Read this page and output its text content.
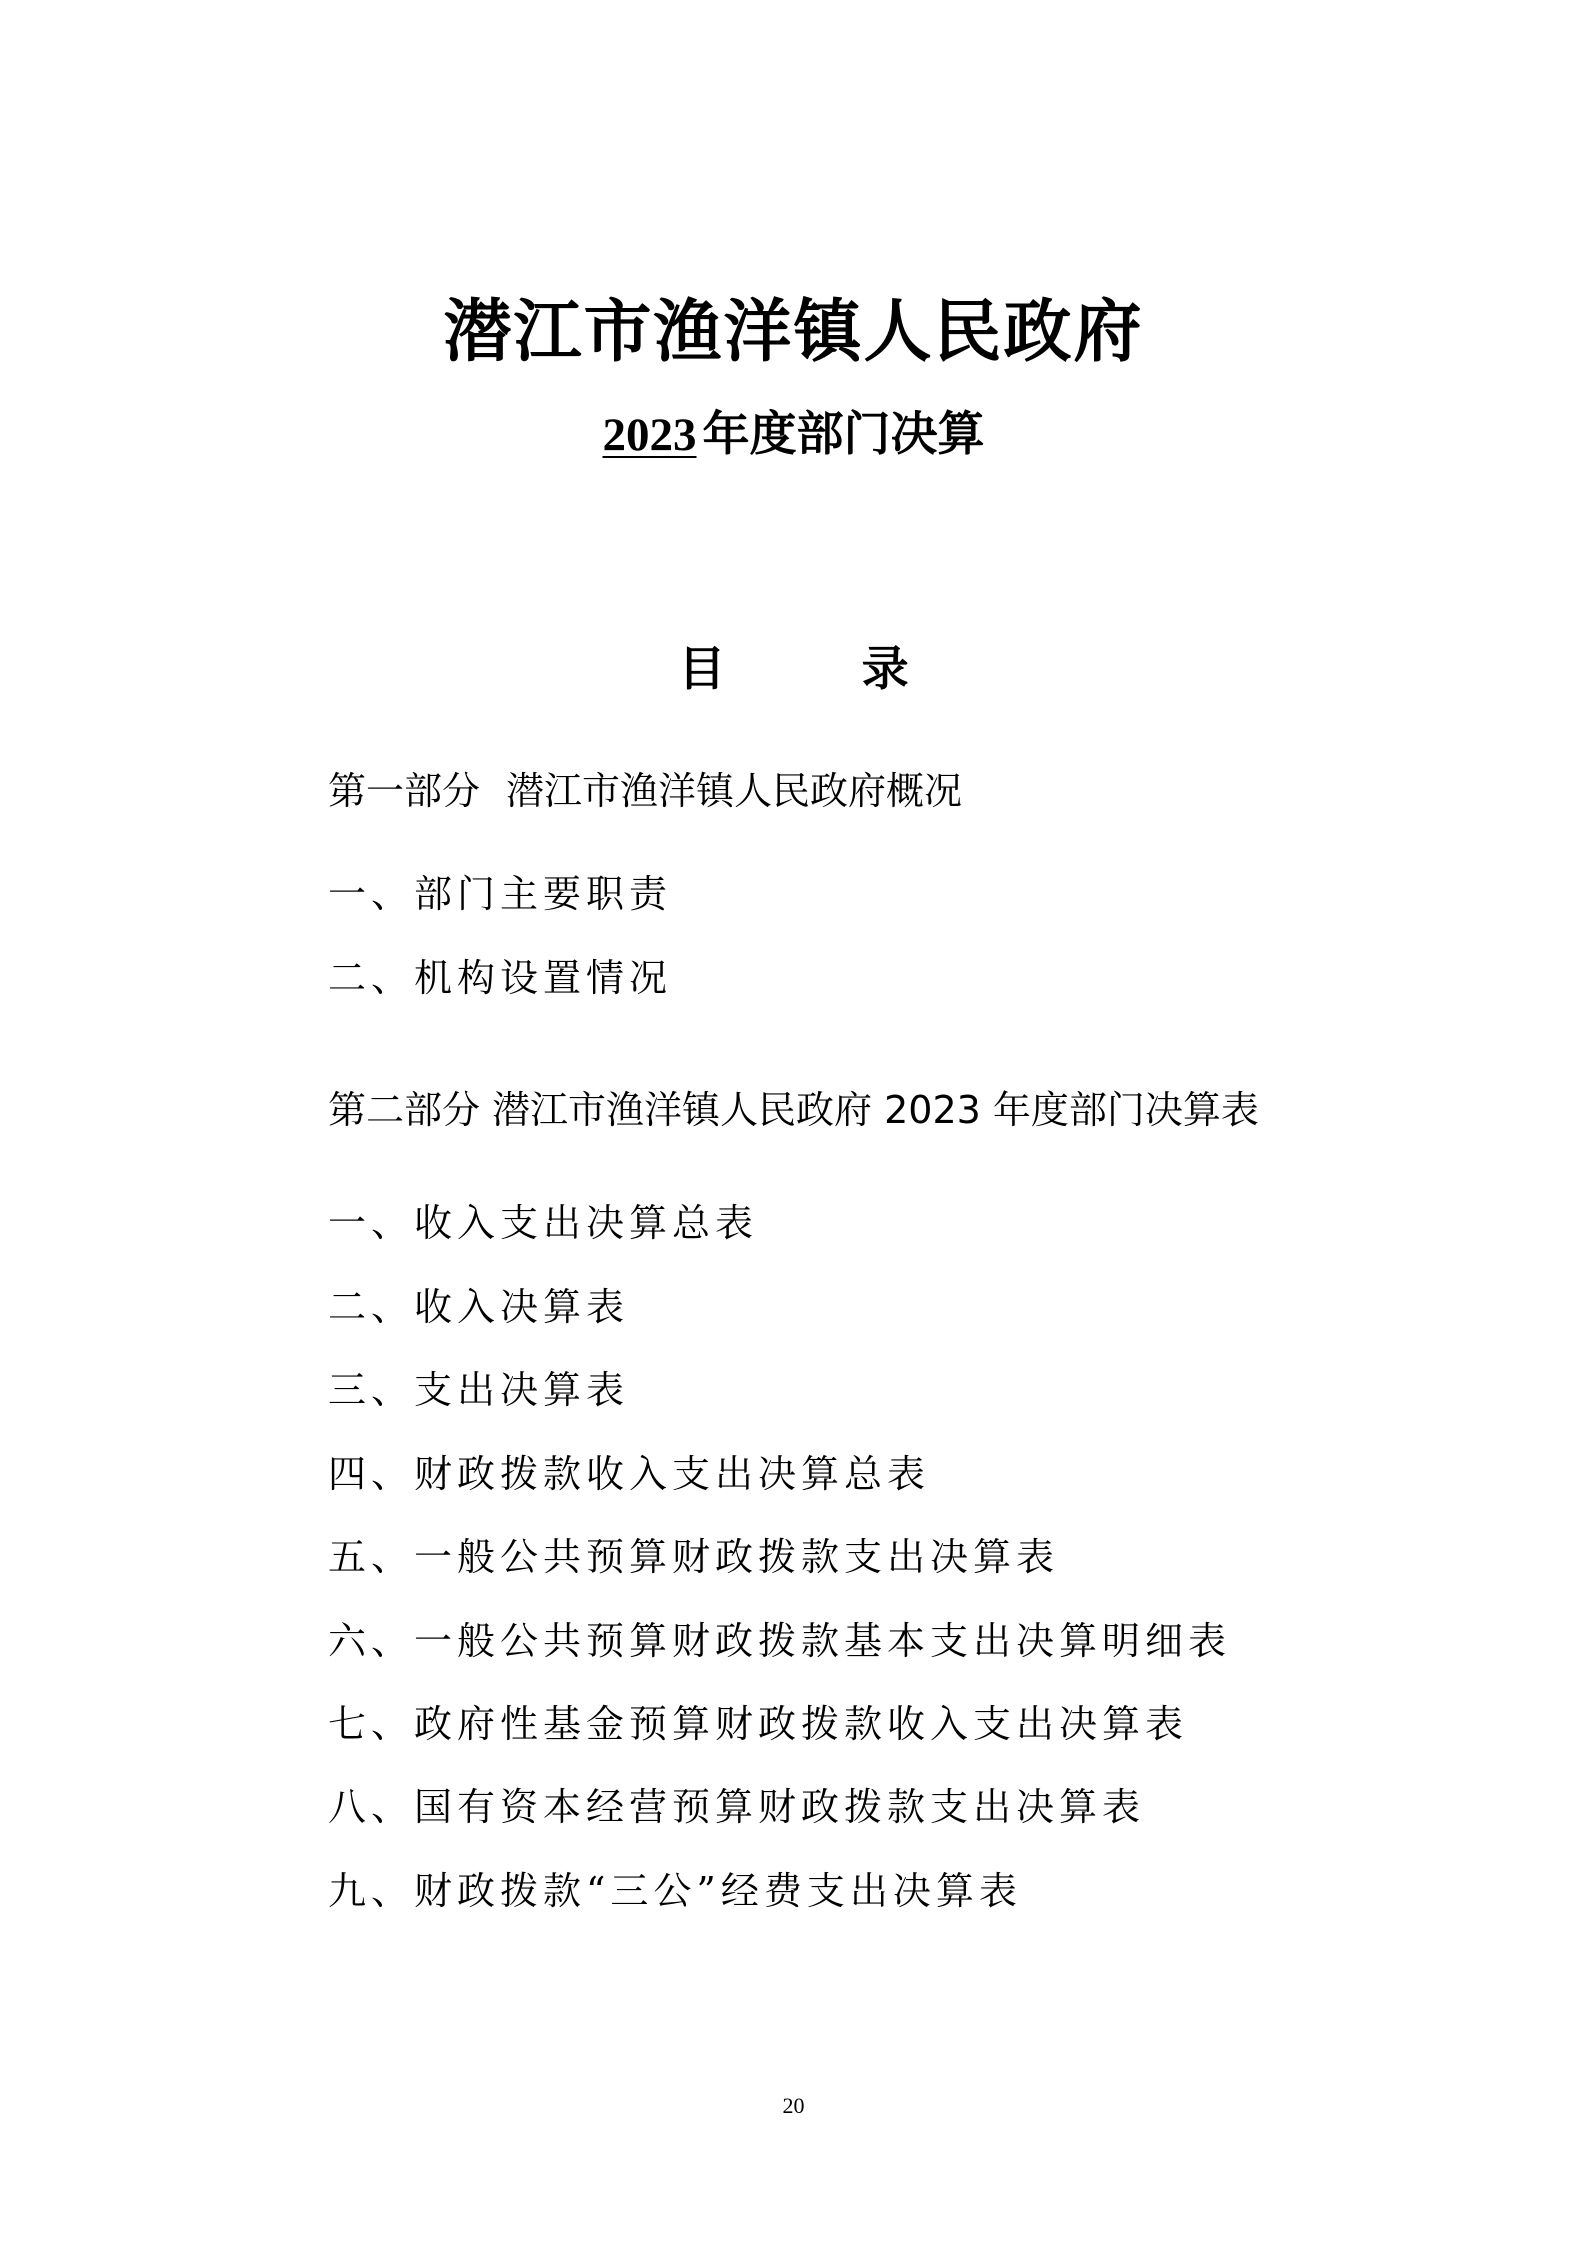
潜江市渔洋镇人民政府
2023 年度部门决算
目 录
第一部分 潜江市渔洋镇人民政府概况
一、部门主要职责
二、机构设置情况
第二部分 潜江市渔洋镇人民政府 2023 年度部门决算表
一、收入支出决算总表
二、收入决算表
三、支出决算表
四、财政拨款收入支出决算总表
五、一般公共预算财政拨款支出决算表
六、一般公共预算财政拨款基本支出决算明细表
七、政府性基金预算财政拨款收入支出决算表
八、国有资本经营预算财政拨款支出决算表
九、财政拨款“三公”经费支出决算表
20
